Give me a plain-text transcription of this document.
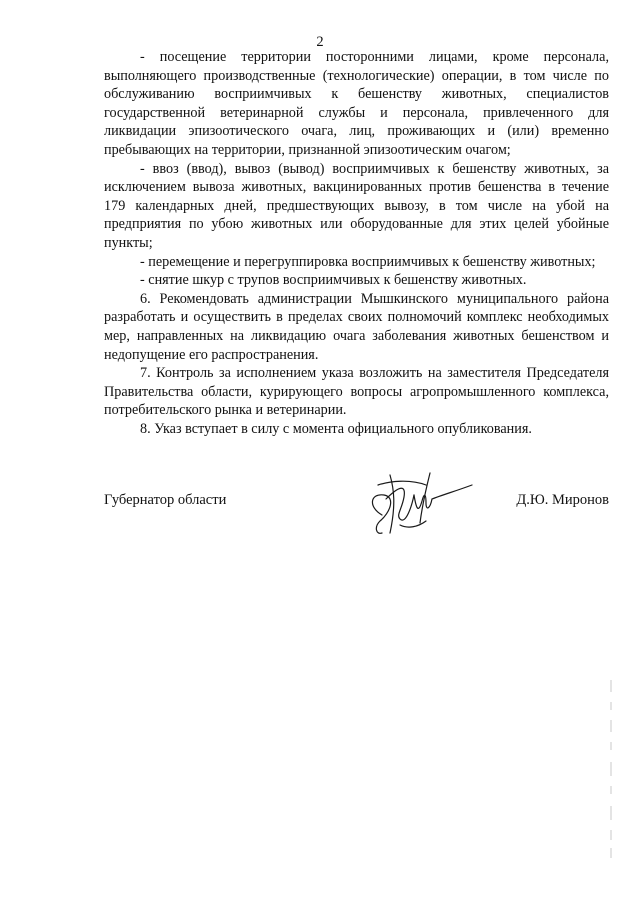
2

- посещение территории посторонними лицами, кроме персонала, выполняющего производственные (технологические) операции, в том числе по обслуживанию восприимчивых к бешенству животных, специалистов государственной ветеринарной службы и персонала, привлеченного для ликвидации эпизоотического очага, лиц, проживающих и (или) временно пребывающих на территории, признанной эпизоотическим очагом;

- ввоз (ввод), вывоз (вывод) восприимчивых к бешенству животных, за исключением вывоза животных, вакцинированных против бешенства в течение 179 календарных дней, предшествующих вывозу, в том числе на убой на предприятия по убою животных или оборудованные для этих целей убойные пункты;

- перемещение и перегруппировка восприимчивых к бешенству животных;

- снятие шкур с трупов восприимчивых к бешенству животных.

6. Рекомендовать администрации Мышкинского муниципального района разработать и осуществить в пределах своих полномочий комплекс необходимых мер, направленных на ликвидацию очага заболевания животных бешенством и недопущение его распространения.

7. Контроль за исполнением указа возложить на заместителя Председателя Правительства области, курирующего вопросы агропромышленного комплекса, потребительского рынка и ветеринарии.

8. Указ вступает в силу с момента официального опубликования.

Губернатор области	Д.Ю. Миронов
